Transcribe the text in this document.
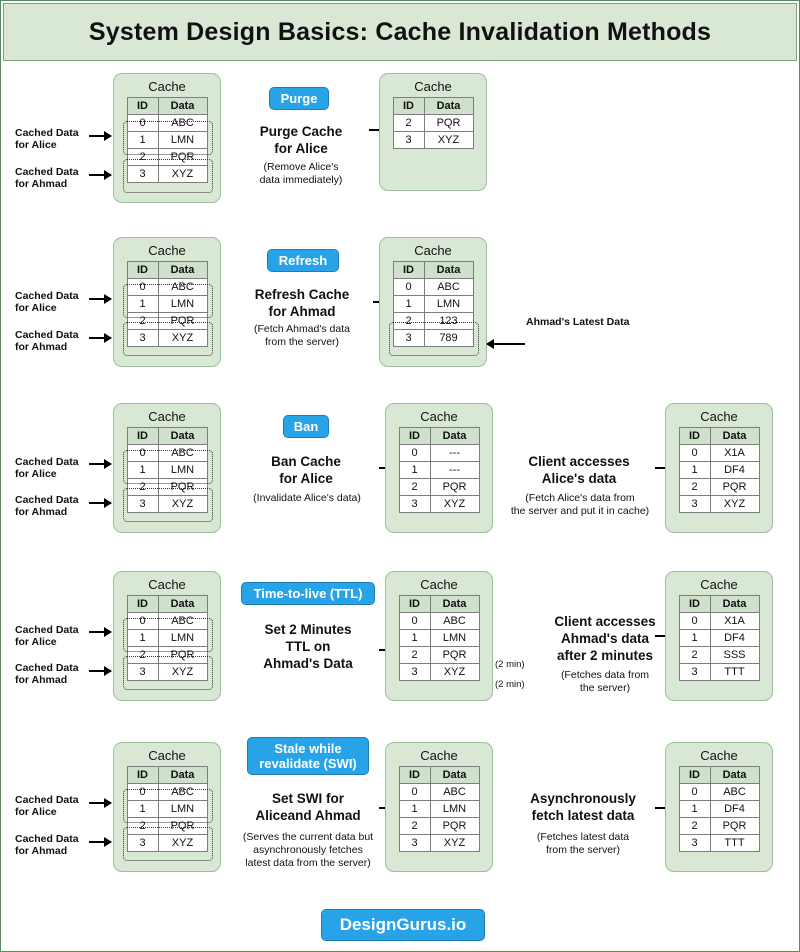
System Design Basics: Cache Invalidation Methods
Cached Data
for Alice
Cached Data
for Ahmad
Cache
ID	Data
0	ABC
1	LMN
2	PQR
3	XYZ
Purge
Purge Cache
for Alice
(Remove Alice's
data immediately)
Cache
ID	Data
2	PQR
3	XYZ
Cached Data
for Alice
Cached Data
for Ahmad
Cache
ID	Data
0	ABC
1	LMN
2	PQR
3	XYZ
Refresh
Refresh Cache
for Ahmad
(Fetch Ahmad's data
from the server)
Cache
ID	Data
0	ABC
1	LMN
2	123
3	789
Ahmad's Latest Data
Cached Data
for Alice
Cached Data
for Ahmad
Cache
ID	Data
0	ABC
1	LMN
2	PQR
3	XYZ
Ban
Ban Cache
for Alice
(Invalidate Alice's data)
Cache
ID	Data
0	---
1	---
2	PQR
3	XYZ
Client accesses
Alice's data
(Fetch Alice's data from
the server and put it in cache)
Cache
ID	Data
0	X1A
1	DF4
2	PQR
3	XYZ
Cached Data
for Alice
Cached Data
for Ahmad
Cache
ID	Data
0	ABC
1	LMN
2	PQR
3	XYZ
Time-to-live (TTL)
Set 2 Minutes
TTL on
Ahmad's Data
Cache
ID	Data
0	ABC
1	LMN
2	PQR
3	XYZ
(2 min)
(2 min)
Client accesses
Ahmad's data
after 2 minutes
(Fetches data from
the server)
Cache
ID	Data
0	X1A
1	DF4
2	SSS
3	TTT
Cached Data
for Alice
Cached Data
for Ahmad
Cache
ID	Data
0	ABC
1	LMN
2	PQR
3	XYZ
Stale while
revalidate (SWI)
Set SWI for
Aliceand Ahmad
(Serves the current data but
asynchronously fetches
latest data from the server)
Cache
ID	Data
0	ABC
1	LMN
2	PQR
3	XYZ
Asynchronously
fetch latest data
(Fetches latest data
from the server)
Cache
ID	Data
0	ABC
1	DF4
2	PQR
3	TTT
DesignGurus.io
